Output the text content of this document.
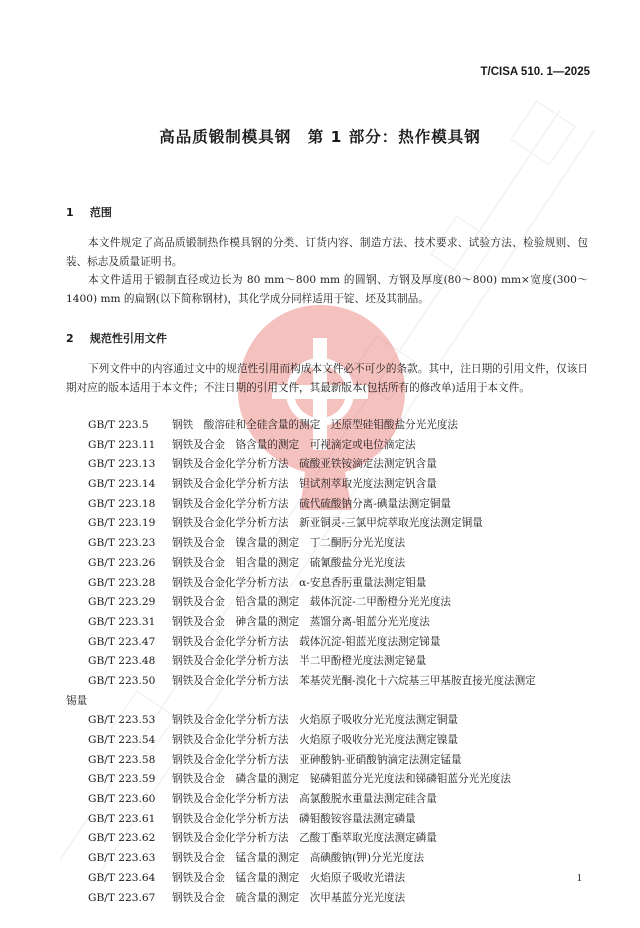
T/CISA 510. 1—2025
高品质锻制模具钢　第 1 部分：热作模具钢
1 范围
本文件规定了高品质锻制热作模具钢的分类、订货内容、制造方法、技术要求、试验方法、检验规则、包装、标志及质量证明书。
本文件适用于锻制直径或边长为 80 mm～800 mm 的圆钢、方钢及厚度(80～800) mm×宽度(300～1400) mm 的扁钢(以下简称钢材)，其化学成分同样适用于锭、坯及其制品。
2 规范性引用文件
下列文件中的内容通过文中的规范性引用而构成本文件必不可少的条款。其中，注日期的引用文件，仅该日期对应的版本适用于本文件；不注日期的引用文件，其最新版本(包括所有的修改单)适用于本文件。
GB/T 223.5 钢铁　酸溶硅和全硅含量的测定　还原型硅钼酸盐分光光度法
GB/T 223.11 钢铁及合金　铬含量的测定　可视滴定或电位滴定法
GB/T 223.13 钢铁及合金化学分析方法　硫酸亚铁铵滴定法测定钒含量
GB/T 223.14 钢铁及合金化学分析方法　钽试剂萃取光度法测定钒含量
GB/T 223.18 钢铁及合金化学分析方法　硫代硫酸钠分离-碘量法测定铜量
GB/T 223.19 钢铁及合金化学分析方法　新亚铜灵-三氯甲烷萃取光度法测定铜量
GB/T 223.23 钢铁及合金　镍含量的测定　丁二酮肟分光光度法
GB/T 223.26 钢铁及合金　钼含量的测定　硫氰酸盐分光光度法
GB/T 223.28 钢铁及合金化学分析方法　α-安息香肟重量法测定钼量
GB/T 223.29 钢铁及合金　铅含量的测定　载体沉淀-二甲酚橙分光光度法
GB/T 223.31 钢铁及合金　砷含量的测定　蒸馏分离-钼蓝分光光度法
GB/T 223.47 钢铁及合金化学分析方法　载体沉淀-钼蓝光度法测定锑量
GB/T 223.48 钢铁及合金化学分析方法　半二甲酚橙光度法测定铋量
GB/T 223.50 钢铁及合金化学分析方法　苯基荧光酮-溴化十六烷基三甲基胺直接光度法测定
锡量
GB/T 223.53 钢铁及合金化学分析方法　火焰原子吸收分光光度法测定铜量
GB/T 223.54 钢铁及合金化学分析方法　火焰原子吸收分光光度法测定镍量
GB/T 223.58 钢铁及合金化学分析方法　亚砷酸钠-亚硝酸钠滴定法测定锰量
GB/T 223.59 钢铁及合金　磷含量的测定　铋磷钼蓝分光光度法和锑磷钼蓝分光光度法
GB/T 223.60 钢铁及合金化学分析方法　高氯酸脱水重量法测定硅含量
GB/T 223.61 钢铁及合金化学分析方法　磷钼酸铵容量法测定磷量
GB/T 223.62 钢铁及合金化学分析方法　乙酸丁酯萃取光度法测定磷量
GB/T 223.63 钢铁及合金　锰含量的测定　高碘酸钠(钾)分光光度法
GB/T 223.64 钢铁及合金　锰含量的测定　火焰原子吸收光谱法
GB/T 223.67 钢铁及合金　硫含量的测定　次甲基蓝分光光度法
1
